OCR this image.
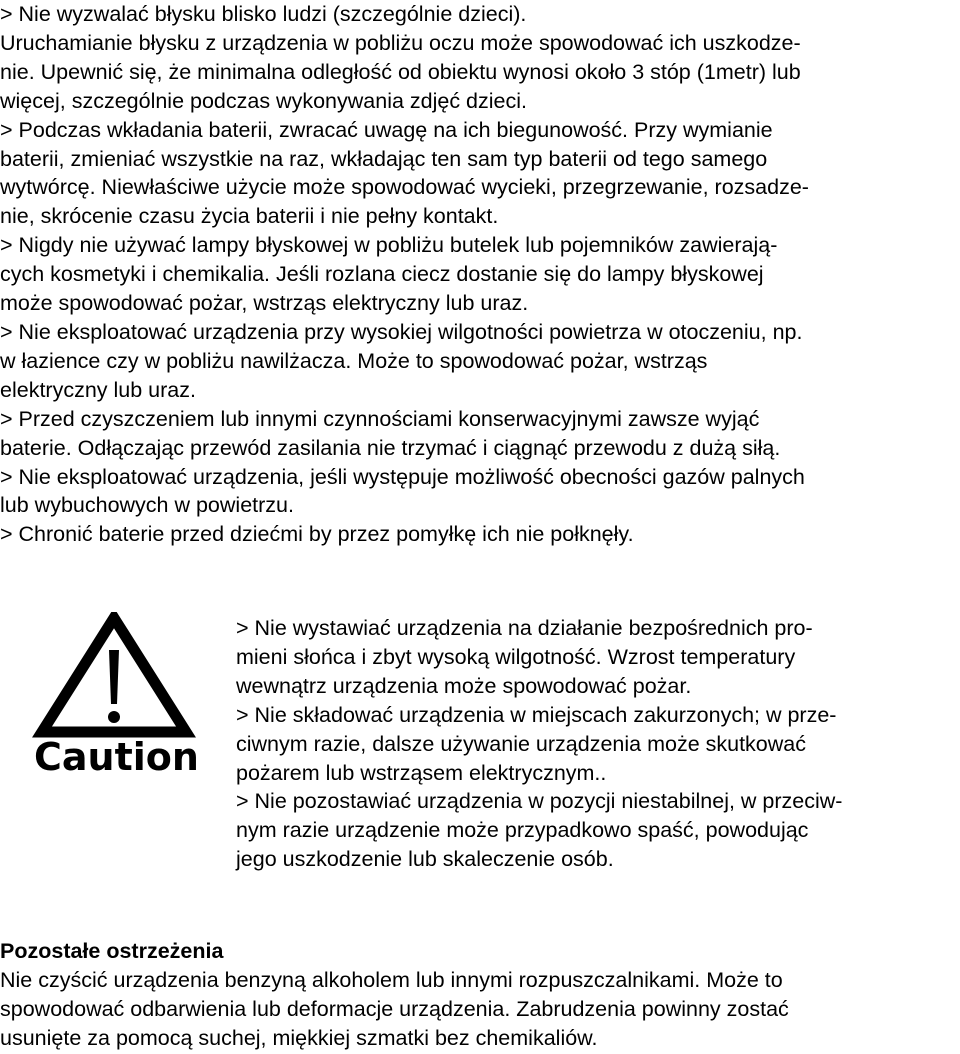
> Nie wyzwalać błysku blisko ludzi (szczególnie dzieci).

Uruchamianie błysku z urządzenia w pobliżu oczu może spowodować ich uszkodze-

nie. Upewnić się, że minimalna odległość od obiektu wynosi około 3 stóp (1metr) lub

więcej, szczególnie podczas wykonywania zdjęć dzieci.

> Podczas wkładania baterii, zwracać uwagę na ich biegunowość. Przy wymianie

baterii, zmieniać wszystkie na raz, wkładając ten sam typ baterii od tego samego

wytwórcę. Niewłaściwe użycie może spowodować wycieki, przegrzewanie, rozsadze-

nie, skrócenie czasu życia baterii i nie pełny kontakt.

> Nigdy nie używać lampy błyskowej w pobliżu butelek lub pojemników zawierają-

cych kosmetyki i chemikalia. Jeśli rozlana ciecz dostanie się do lampy błyskowej

może spowodować pożar, wstrząs elektryczny lub uraz.

> Nie eksploatować urządzenia przy wysokiej wilgotności powietrza w otoczeniu, np.

w łazience czy w pobliżu nawilżacza. Może to spowodować pożar, wstrząs

elektryczny lub uraz.

> Przed czyszczeniem lub innymi czynnościami konserwacyjnymi zawsze wyjąć

baterie. Odłączając przewód zasilania nie trzymać i ciągnąć przewodu z dużą siłą.

> Nie eksploatować urządzenia, jeśli występuje możliwość obecności gazów palnych

lub wybuchowych w powietrzu.

> Chronić baterie przed dziećmi by przez pomyłkę ich nie połknęły.

Caution

> Nie wystawiać urządzenia na działanie bezpośrednich pro-

mieni słońca i zbyt wysoką wilgotność. Wzrost temperatury

wewnątrz urządzenia może spowodować pożar.

> Nie składować urządzenia w miejscach zakurzonych; w prze-

ciwnym razie, dalsze używanie urządzenia może skutkować

pożarem lub wstrząsem elektrycznym..

> Nie pozostawiać urządzenia w pozycji niestabilnej, w przeciw-

nym razie urządzenie może przypadkowo spaść, powodując

jego uszkodzenie lub skaleczenie osób.

Pozostałe ostrzeżenia

Nie czyścić urządzenia benzyną alkoholem lub innymi rozpuszczalnikami. Może to

spowodować odbarwienia lub deformacje urządzenia. Zabrudzenia powinny zostać

usunięte za pomocą suchej, miękkiej szmatki bez chemikaliów.
